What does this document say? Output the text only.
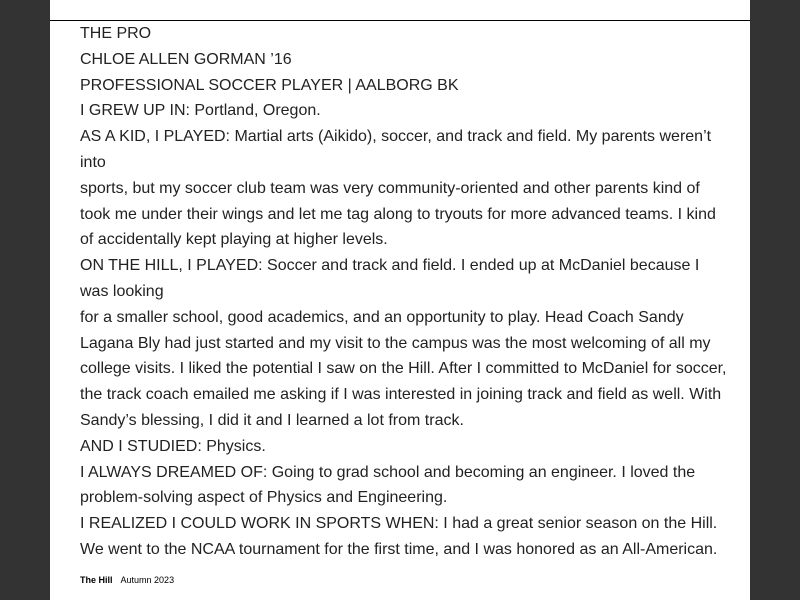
THE PRO

CHLOE ALLEN GORMAN ’16

PROFESSIONAL SOCCER PLAYER | AALBORG BK

I GREW UP IN: Portland, Oregon.

AS A KID, I PLAYED: Martial arts (Aikido), soccer, and track and field. My parents weren’t

into

sports, but my soccer club team was very community-oriented and other parents kind of

took me under their wings and let me tag along to tryouts for more advanced teams. I kind

of accidentally kept playing at higher levels.

ON THE HILL, I PLAYED: Soccer and track and field. I ended up at McDaniel because I

was looking

for a smaller school, good academics, and an opportunity to play. Head Coach Sandy

Lagana Bly had just started and my visit to the campus was the most welcoming of all my

college visits. I liked the potential I saw on the Hill. After I committed to McDaniel for soccer,

the track coach emailed me asking if I was interested in joining track and field as well. With

Sandy’s blessing, I did it and I learned a lot from track.

AND I STUDIED: Physics.

I ALWAYS DREAMED OF: Going to grad school and becoming an engineer. I loved the

problem-solving aspect of Physics and Engineering.

I REALIZED I COULD WORK IN SPORTS WHEN: I had a great senior season on the Hill.

We went to the NCAA tournament for the first time, and I was honored as an All-American.

The Hill Autumn 2023
